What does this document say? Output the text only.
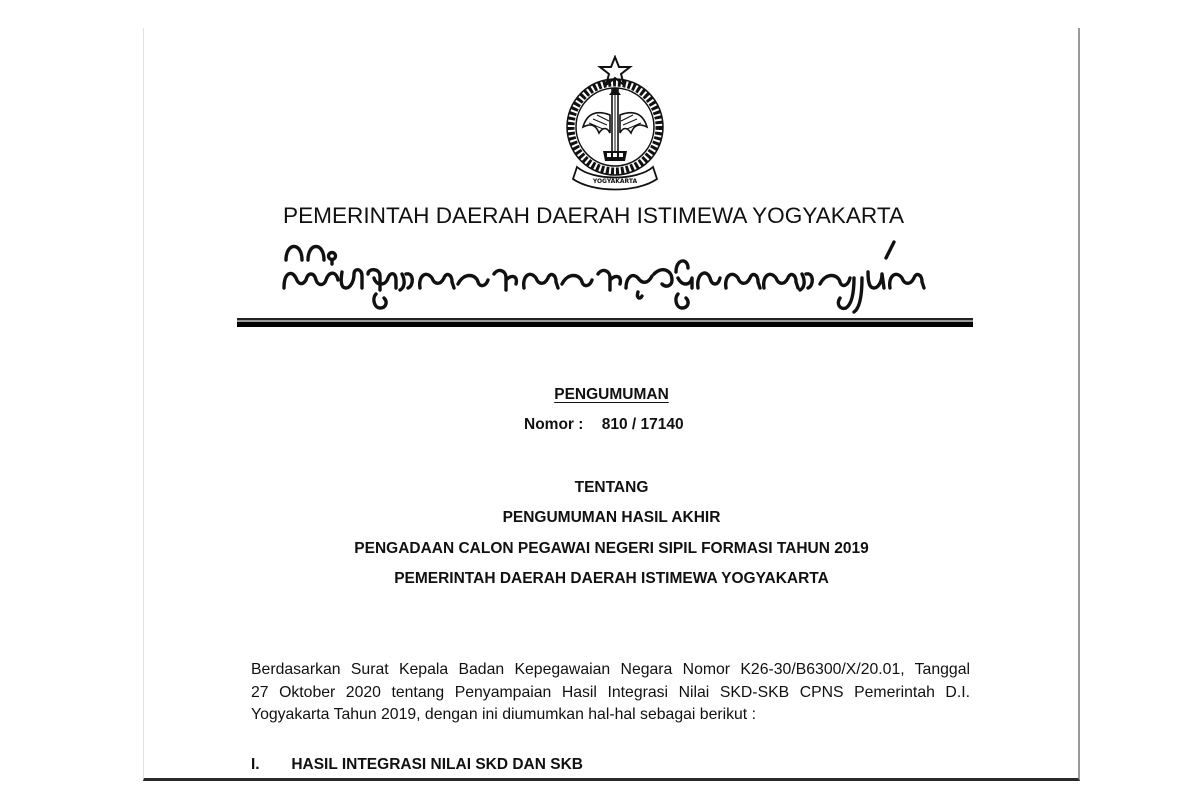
YOGYAKARTA
PEMERINTAH DAERAH DAERAH ISTIMEWA YOGYAKARTA
PENGUMUMAN
Nomor : 810 / 17140
TENTANG
PENGUMUMAN HASIL AKHIR
PENGADAAN CALON PEGAWAI NEGERI SIPIL FORMASI TAHUN 2019
PEMERINTAH DAERAH DAERAH ISTIMEWA YOGYAKARTA
Berdasarkan Surat Kepala Badan Kepegawaian Negara Nomor K26-30/B6300/X/20.01, Tanggal
27 Oktober 2020 tentang Penyampaian Hasil Integrasi Nilai SKD-SKB CPNS Pemerintah D.I.
Yogyakarta Tahun 2019, dengan ini diumumkan hal-hal sebagai berikut :
I. HASIL INTEGRASI NILAI SKD DAN SKB
